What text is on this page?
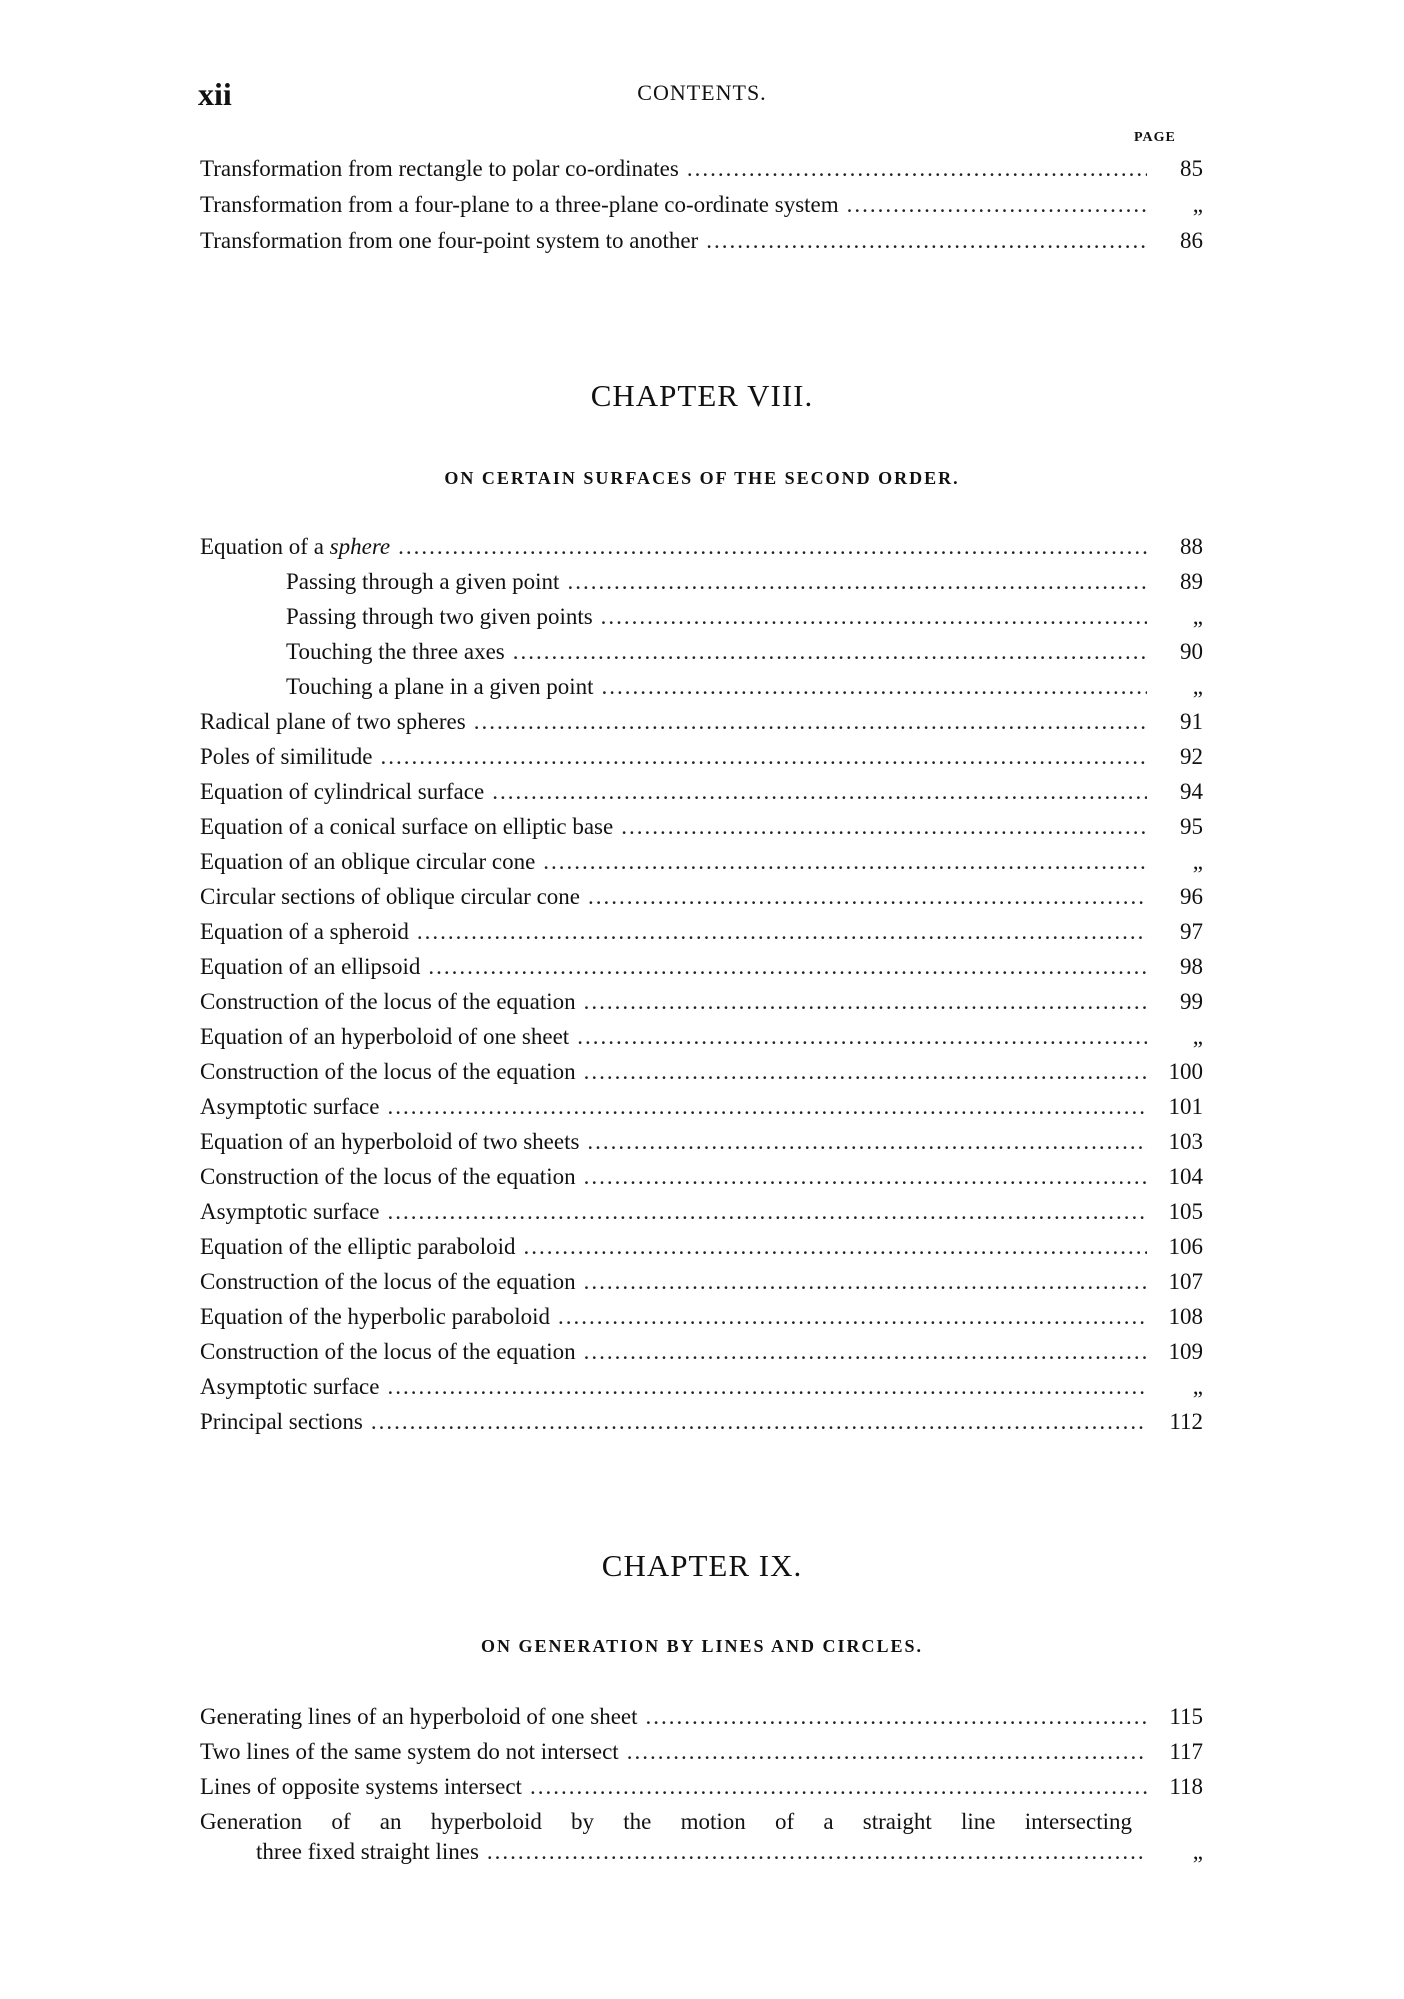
xii	CONTENTS.
PAGE
Transformation from rectangle to polar co-ordinates .....	85
Transformation from a four-plane to a three-plane co-ordinate system .....	„
Transformation from one four-point system to another .....	86
CHAPTER VIII.
ON CERTAIN SURFACES OF THE SECOND ORDER.
Equation of a sphere .....	88
Passing through a given point .....	89
Passing through two given points .....	„
Touching the three axes .....	90
Touching a plane in a given point .....	„
Radical plane of two spheres .....	91
Poles of similitude .....	92
Equation of cylindrical surface .....	94
Equation of a conical surface on elliptic base .....	95
Equation of an oblique circular cone .....	„
Circular sections of oblique circular cone .....	96
Equation of a spheroid .....	97
Equation of an ellipsoid .....	98
Construction of the locus of the equation .....	99
Equation of an hyperboloid of one sheet .....	„
Construction of the locus of the equation .....	100
Asymptotic surface .....	101
Equation of an hyperboloid of two sheets .....	103
Construction of the locus of the equation .....	104
Asymptotic surface .....	105
Equation of the elliptic paraboloid .....	106
Construction of the locus of the equation .....	107
Equation of the hyperbolic paraboloid .....	108
Construction of the locus of the equation .....	109
Asymptotic surface .....	„
Principal sections .....	112
CHAPTER IX.
ON GENERATION BY LINES AND CIRCLES.
Generating lines of an hyperboloid of one sheet .....	115
Two lines of the same system do not intersect .....	117
Lines of opposite systems intersect .....	118
Generation of an hyperboloid by the motion of a straight line intersecting
three fixed straight lines .....	„
